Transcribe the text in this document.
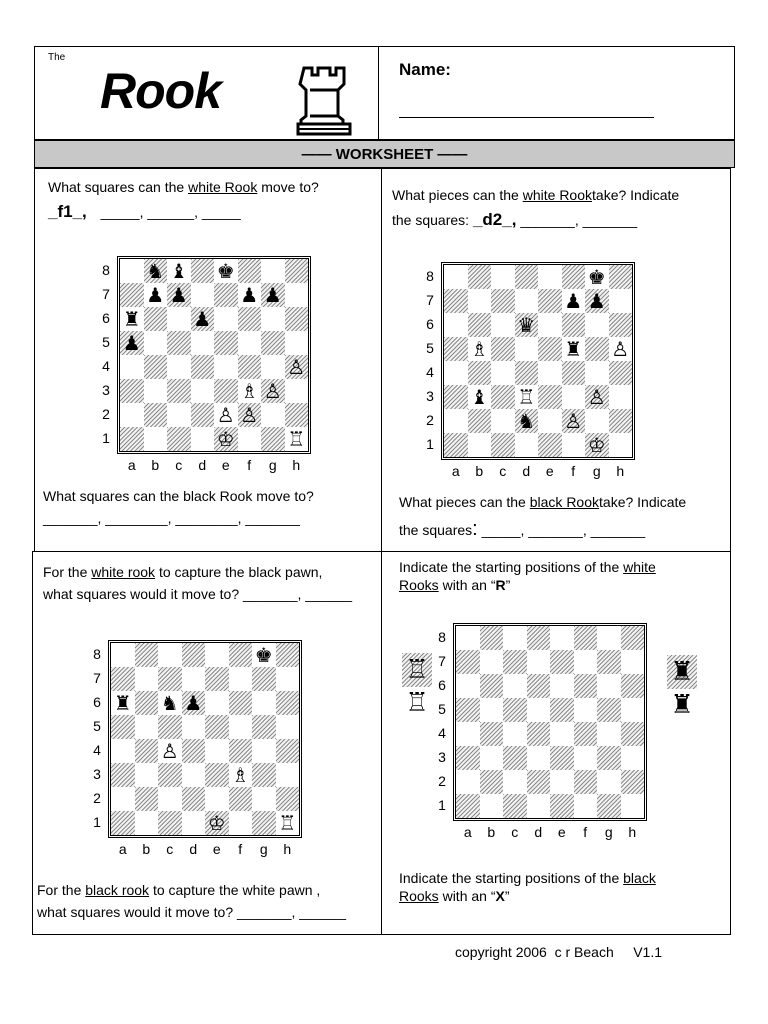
The
Rook	Name:
—— WORKSHEET ——
What squares can the white Rook move to?
_f1_, _____, ______, _____
What pieces can the white Rooktake? Indicate
the squares: _d2_, _______, _______
♞ ♝ ♚
♟ ♟	♟ ♟
♜	♟
♟
♙
♗ ♙
♙ ♙
♔	♖
♚
♟ ♟
♛
♗	♜ ♙
♝ ♖	♙
♞ ♙
♔
What squares can the black Rook move to?
_______, ________, ________, _______
What pieces can the black Rooktake? Indicate
the squares: _____, _______, _______
For the white rook to capture the black pawn,
what squares would it move to? _______, ______
♚
♜ ♞ ♟
♙
♗
♔	♖
Indicate the starting positions of the white
Rooks with an “R”
♖
♖
♜
♜
For the black rook to capture the white pawn ,
what squares would it move to? _______, ______
Indicate the starting positions of the black
Rooks with an “X”
copyright 2006  c r Beach     V1.1
8
7
6
5
4
3
2
1
a	b	c	d	e	f	g	h
8
7
6
5
4
3
2
1
a	b	c	d	e	f	g	h
8
7
6
5
4
3
2
1
a	b	c	d	e	f	g	h
8
7
6
5
4
3
2
1
a	b	c	d	e	f	g	h
